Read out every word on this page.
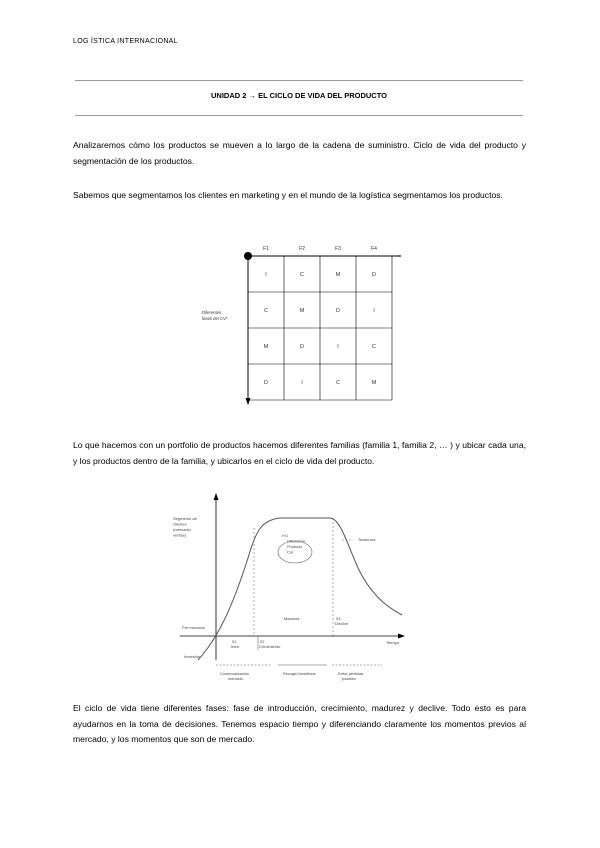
LOG ÍSTICA INTERNACIONAL
UNIDAD 2 → EL CICLO DE VIDA DEL PRODUCTO
Analizaremos cómo los productos se mueven a lo largo de la cadena de suministro. Ciclo de vida del producto y segmentación de los productos.
Sabemos que segmentamos los clientes en marketing y en el mundo de la logística segmentamos los productos.
F1	F2	F3	F4
I	C	M	D
C	M	D	I
M	D	I	C
D	I	C	M
Diferentes
fases del CV*
Lo que hacemos con un portfolio de productos hacemos diferentes familias (familia 1, familia 2, … ) y ubicar cada una, y los productos dentro de la familia, y ubicarlos en el ciclo de vida del producto.
Segmento de
clientes
(mercado/
ventas)
Tiempo
Pre mercado
Madurez
01
Intro
02
Crecimiento
03
Declive
Inversión
I+D
Diferenciar
Producto
Cal
Tendencia
Comercialización
mercado
Recoger beneficios	Evitar pérdidas
posibles
El ciclo de vida tiene diferentes fases: fase de introducción, crecimiento, madurez y declive. Todo esto es para ayudarnos en la toma de decisiones. Tenemos espacio tiempo y diferenciando claramente los momentos previos al mercado, y los momentos que son de mercado.
